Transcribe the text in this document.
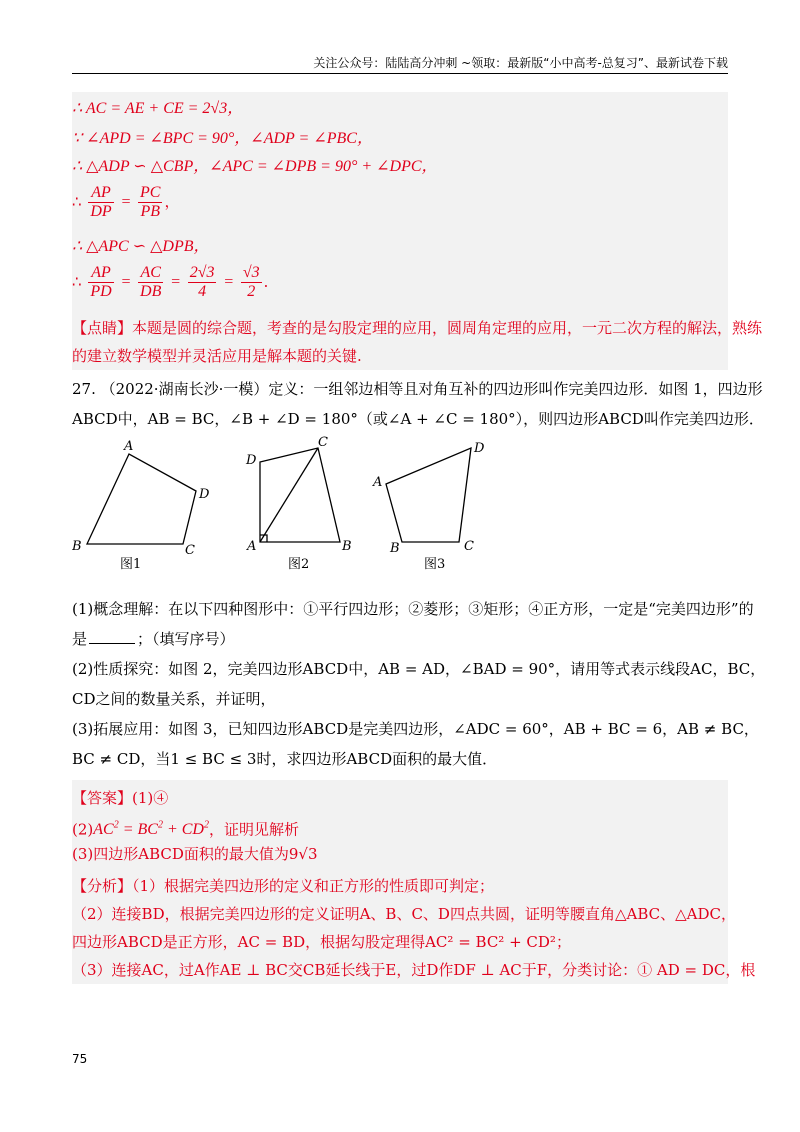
关注公众号：陆陆高分冲刺 ~领取：最新版“小中高考-总复习”、最新试卷下载
∴ AC = AE + CE = 2√3，
∵ ∠APD = ∠BPC = 90°，∠ADP = ∠PBC，
∴ △ADP ∽ △CBP，∠APC = ∠DPB = 90° + ∠DPC，
∴ $\frac{AP}{DP} = \frac{PC}{PB}$ ，
∴ △APC ∽ △DPB，
∴ $\frac{AP}{PD} = \frac{AC}{DB} = \frac{2√3}{4} = \frac{√3}{2}$ ．
【点睛】本题是圆的综合题，考查的是勾股定理的应用，圆周角定理的应用，一元二次方程的解法，熟练
的建立数学模型并灵活应用是解本题的关键.
27. （2022·湖南长沙·一模）定义：一组邻边相等且对角互补的四边形叫作完美四边形．如图 1，四边形
ABCD中，AB = BC，∠B + ∠D = 180°（或∠A + ∠C = 180°），则四边形ABCD叫作完美四边形．
A
B	C
D
图1
A	B
C
D
图2
A
B	C
D
图3
(1)概念理解：在以下四种图形中：①平行四边形；②菱形；③矩形；④正方形，一定是“完美四边形”的
是	；（填写序号）
(2)性质探究：如图 2，完美四边形ABCD中，AB = AD，∠BAD = 90°，请用等式表示线段AC，BC，
CD之间的数量关系，并证明，
(3)拓展应用：如图 3，已知四边形ABCD是完美四边形，∠ADC = 60°，AB + BC = 6，AB ≠ BC，
BC ≠ CD，当1 ≤ BC ≤ 3时，求四边形ABCD面积的最大值．
【答案】(1)④
$(2)AC^2 = BC^2 + CD^2$，证明见解析
(3)四边形ABCD面积的最大值为9√3
【分析】（1）根据完美四边形的定义和正方形的性质即可判定；
（2）连接BD，根据完美四边形的定义证明A、B、C、D四点共圆，证明等腰直角△ABC、△ADC，
四边形ABCD是正方形，AC = BD，根据勾股定理得AC² = BC² + CD²；
（3）连接AC，过A作AE ⊥ BC交CB延长线于E，过D作DF ⊥ AC于F，分类讨论：① AD = DC，根
75
